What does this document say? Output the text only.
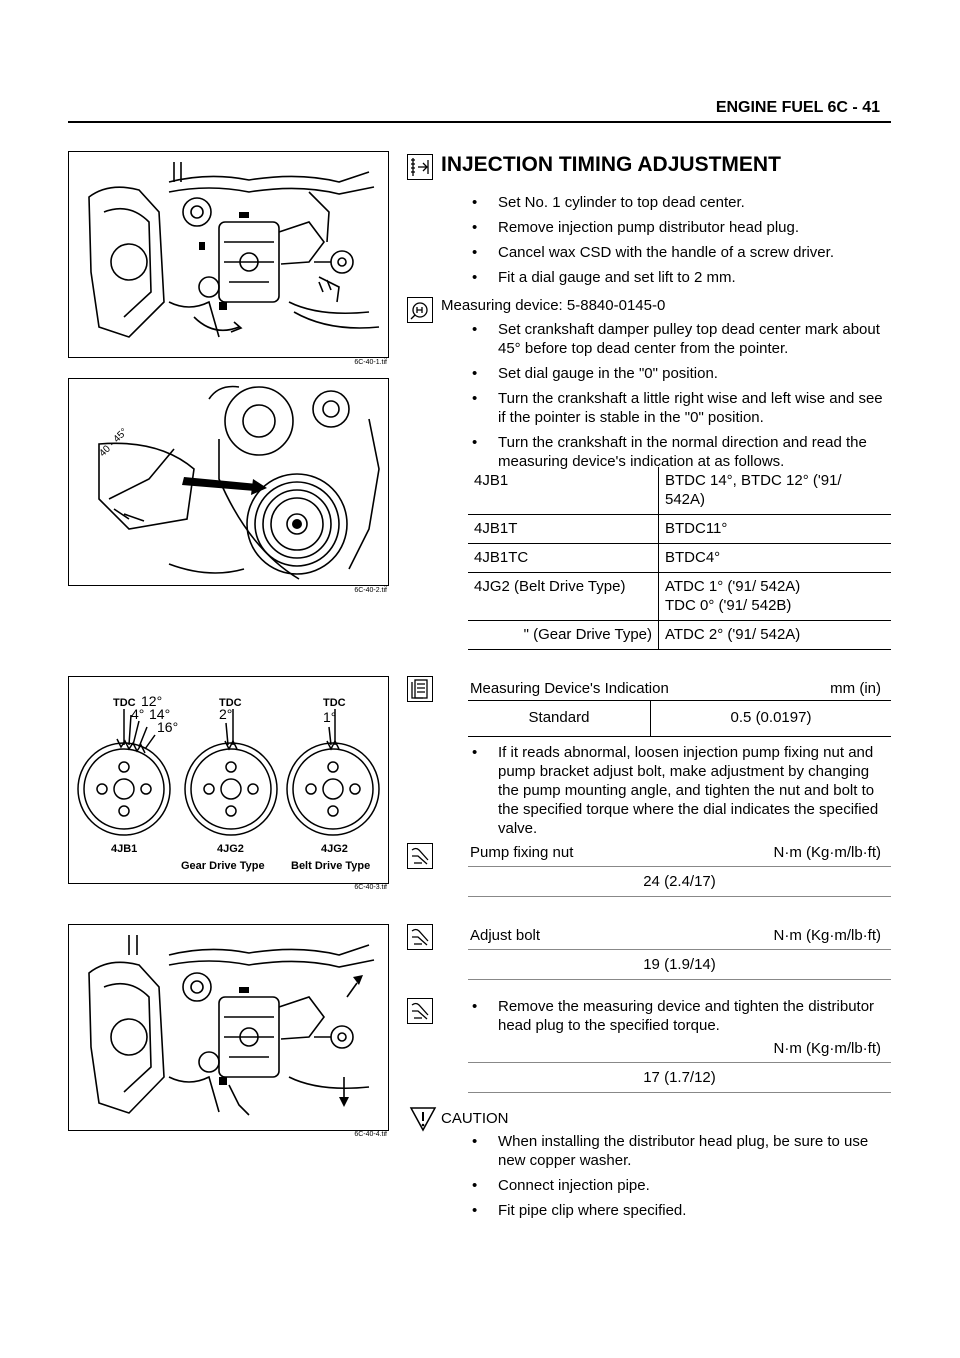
ENGINE FUEL 6C - 41
6C-40-1.tif
40 - 45°
6C-40-2.tif
TDC	TDC	TDC
12°
14°
16°
4°	2°	1°
4JB1	4JG2	4JG2
Gear Drive Type Belt Drive Type
6C-40-3.tif
6C-40-4.tif
INJECTION TIMING ADJUSTMENT
• Set No. 1 cylinder to top dead center.
• Remove injection pump distributor head plug.
• Cancel wax CSD with the handle of a screw driver.
• Fit a dial gauge and set lift to 2 mm.
Measuring device: 5-8840-0145-0
• Set crankshaft damper pulley top dead center mark about 45° before top dead center from the pointer.
• Set dial gauge in the "0" position.
• Turn the crankshaft a little right wise and left wise and see if the pointer is stable in the "0" position.
• Turn the crankshaft in the normal direction and read the measuring device's indication at as follows.
4JB1	BTDC 14°, BTDC 12° ('91/ 542A)
4JB1T	BTDC11°
4JB1TC	BTDC4°
4JG2 (Belt Drive Type)	ATDC 1° ('91/ 542A)
TDC 0° ('91/ 542B)
" (Gear Drive Type)	ATDC 2° ('91/ 542A)
Measuring Device's Indication	mm (in)
Standard	0.5 (0.0197)
• If it reads abnormal, loosen injection pump fixing nut and pump bracket adjust bolt, make adjustment by changing the pump mounting angle, and tighten the nut and bolt to the specified torque where the dial indicates the specified valve.
Pump fixing nut	N·m (Kg·m/lb·ft)
24 (2.4/17)
Adjust bolt	N·m (Kg·m/lb·ft)
19 (1.9/14)
• Remove the measuring device and tighten the distributor head plug to the specified torque.
N·m (Kg·m/lb·ft)
17 (1.7/12)
CAUTION
• When installing the distributor head plug, be sure to use new copper washer.
• Connect injection pipe.
• Fit pipe clip where specified.
